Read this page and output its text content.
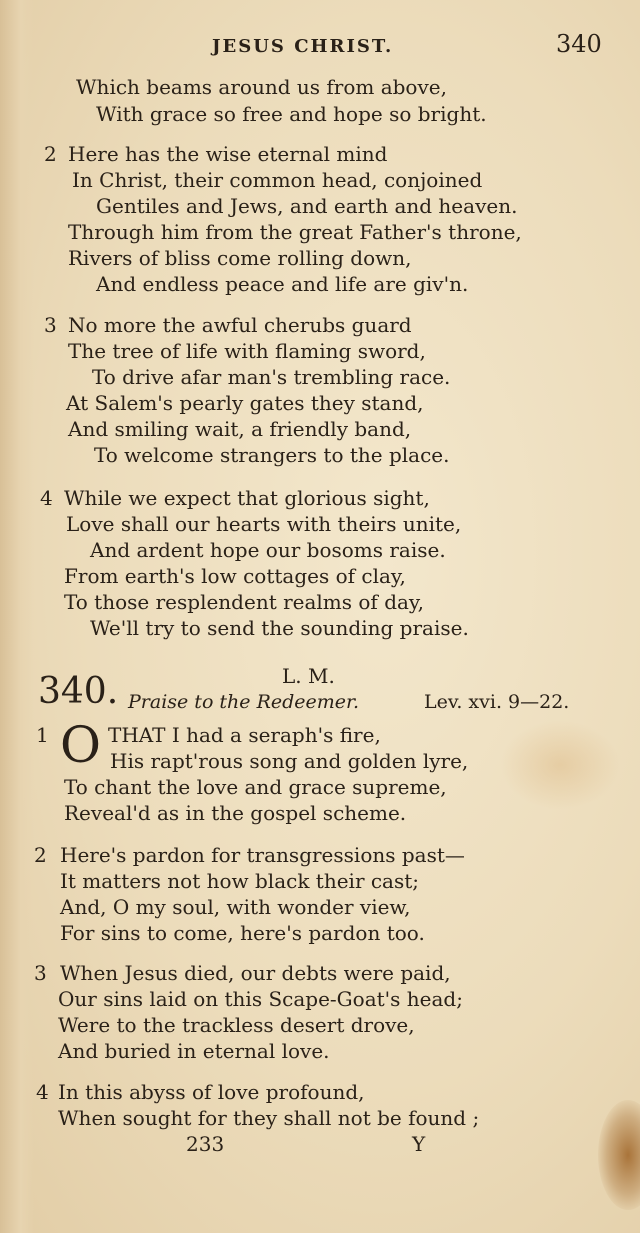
JESUS CHRIST.	340
Which beams around us from above,
With grace so free and hope so bright.
2 Here has the wise eternal mind
In Christ, their common head, conjoined
Gentiles and Jews, and earth and heaven.
Through him from the great Father's throne,
Rivers of bliss come rolling down,
And endless peace and life are giv'n.
3 No more the awful cherubs guard
The tree of life with flaming sword,
To drive afar man's trembling race.
At Salem's pearly gates they stand,
And smiling wait, a friendly band,
To welcome strangers to the place.
4 While we expect that glorious sight,
Love shall our hearts with theirs unite,
And ardent hope our bosoms raise.
From earth's low cottages of clay,
To those resplendent realms of day,
We'll try to send the sounding praise.
340.	L. M.
Praise to the Redeemer.	Lev. xvi. 9—22.
1 O THAT I had a seraph's fire,
His rapt'rous song and golden lyre,
To chant the love and grace supreme,
Reveal'd as in the gospel scheme.
2 Here's pardon for transgressions past—
It matters not how black their cast;
And, O my soul, with wonder view,
For sins to come, here's pardon too.
3 When Jesus died, our debts were paid,
Our sins laid on this Scape-Goat's head;
Were to the trackless desert drove,
And buried in eternal love.
4 In this abyss of love profound,
When sought for they shall not be found ;
233	Y
